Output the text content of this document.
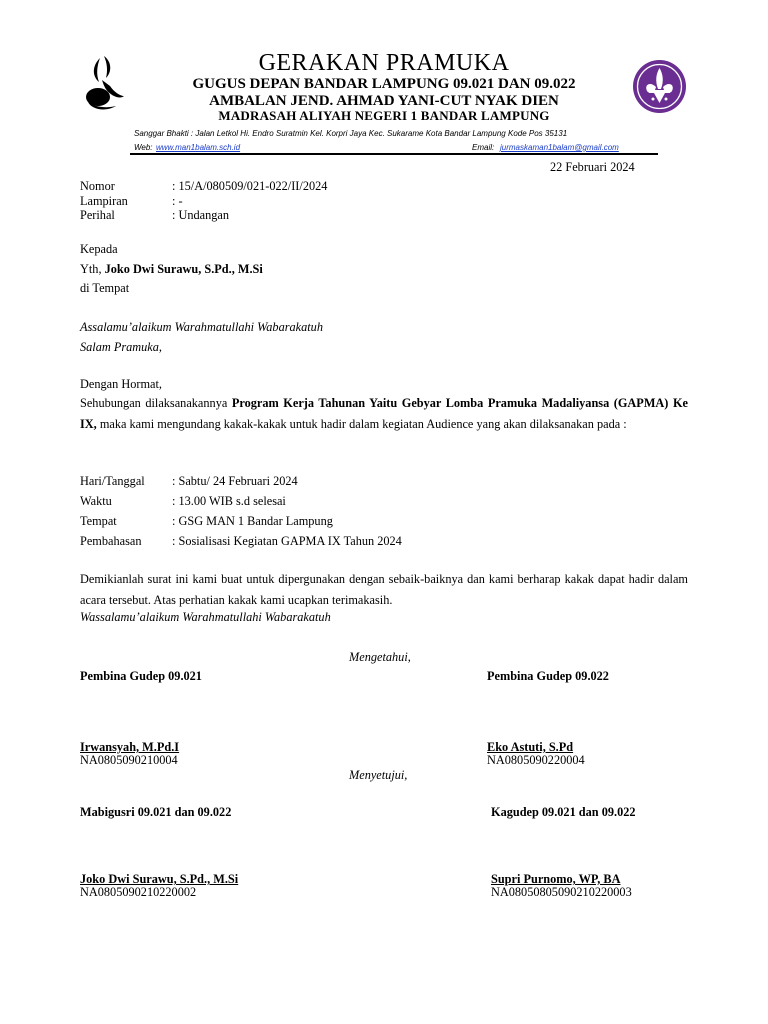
GERAKAN PRAMUKA
GUGUS DEPAN BANDAR LAMPUNG 09.021 DAN 09.022
AMBALAN JEND. AHMAD YANI-CUT NYAK DIEN
MADRASAH ALIYAH NEGERI 1 BANDAR LAMPUNG
Sanggar Bhakti : Jalan Letkol Hi. Endro Suratmin Kel. Korpri Jaya Kec. Sukarame Kota Bandar Lampung Kode Pos 35131
Web: www.man1balam.sch.id	Email: jurmaskaman1balam@gmail.com
22 Februari 2024
Nomor	: 15/A/080509/021-022/II/2024
Lampiran	: -
Perihal	: Undangan
Kepada
Yth, Joko Dwi Surawu, S.Pd., M.Si
di Tempat
Assalamu’alaikum Warahmatullahi Wabarakatuh
Salam Pramuka,
Dengan Hormat,

Sehubungan dilaksanakannya Program Kerja Tahunan Yaitu Gebyar Lomba Pramuka Madaliyansa (GAPMA) Ke IX, maka kami mengundang kakak-kakak untuk hadir dalam kegiatan Audience yang akan dilaksanakan pada :

Hari/Tanggal : Sabtu/ 24 Februari 2024
Waktu	: 13.00 WIB s.d selesai
Tempat	: GSG MAN 1 Bandar Lampung
Pembahasan : Sosialisasi Kegiatan GAPMA IX Tahun 2024

Demikianlah surat ini kami buat untuk dipergunakan dengan sebaik-baiknya dan kami berharap kakak dapat hadir dalam acara tersebut. Atas perhatian kakak kami ucapkan terimakasih.

Wassalamu’alaikum Warahmatullahi Wabarakatuh
Mengetahui,
Pembina Gudep 09.021	Pembina Gudep 09.022
Irwansyah, M.Pd.I
NA0805090210004
Eko Astuti, S.Pd
NA0805090220004
Menyetujui,
Mabigusri 09.021 dan 09.022	Kagudep 09.021 dan 09.022
Joko Dwi Surawu, S.Pd., M.Si
NA0805090210220002
Supri Purnomo, WP, BA
NA08050805090210220003
